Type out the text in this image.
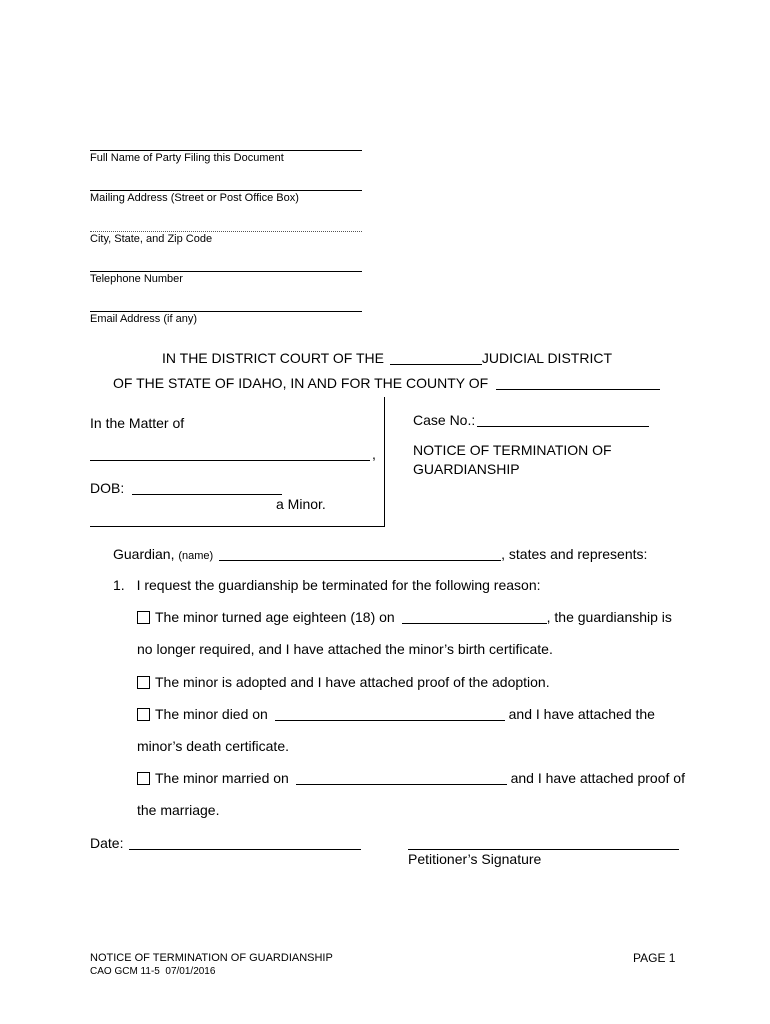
Full Name of Party Filing this Document
Mailing Address (Street or Post Office Box)
City, State, and Zip Code
Telephone Number
Email Address (if any)
IN THE DISTRICT COURT OF THE	JUDICIAL DISTRICT
OF THE STATE OF IDAHO, IN AND FOR THE COUNTY OF
In the Matter of
,
DOB:
a Minor.
Case No.:
NOTICE OF TERMINATION OF
GUARDIANSHIP
Guardian, (name)	, states and represents:
1. I request the guardianship be terminated for the following reason:
The minor turned age eighteen (18) on	, the guardianship is
no longer required, and I have attached the minor’s birth certificate.
The minor is adopted and I have attached proof of the adoption.
The minor died on	and I have attached the
minor’s death certificate.
The minor married on	and I have attached proof of
the marriage.
Date:
Petitioner’s Signature
NOTICE OF TERMINATION OF GUARDIANSHIP
CAO GCM 11-5  07/01/2016
PAGE 1
